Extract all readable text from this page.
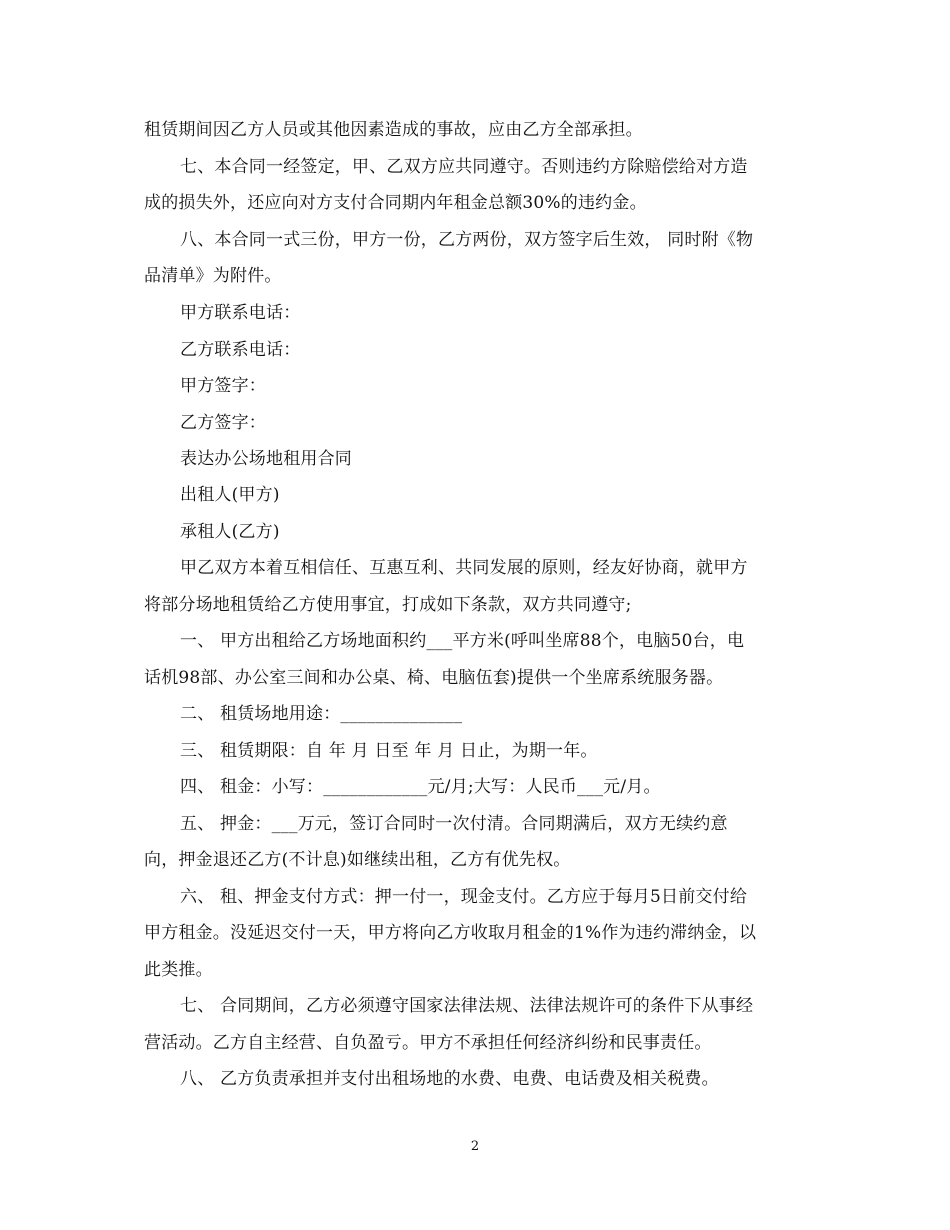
租赁期间因乙方人员或其他因素造成的事故，应由乙方全部承担。
七、本合同一经签定，甲、乙双方应共同遵守。否则违约方除赔偿给对方造
成的损失外，还应向对方支付合同期内年租金总额30%的违约金。
八、本合同一式三份，甲方一份，乙方两份，双方签字后生效， 同时附《物
品清单》为附件。
甲方联系电话：
乙方联系电话：
甲方签字：
乙方签字：
表达办公场地租用合同
出租人(甲方)
承租人(乙方)
甲乙双方本着互相信任、互惠互利、共同发展的原则，经友好协商，就甲方
将部分场地租赁给乙方使用事宜，打成如下条款，双方共同遵守;
一、 甲方出租给乙方场地面积约___平方米(呼叫坐席88个，电脑50台，电
话机98部、办公室三间和办公桌、椅、电脑伍套)提供一个坐席系统服务器。
二、 租赁场地用途：______________
三、 租赁期限：自 年 月 日至 年 月 日止，为期一年。
四、 租金：小写：____________元/月;大写：人民币___元/月。
五、 押金：___万元，签订合同时一次付清。合同期满后，双方无续约意
向，押金退还乙方(不计息)如继续出租，乙方有优先权。
六、 租、押金支付方式：押一付一，现金支付。乙方应于每月5日前交付给
甲方租金。没延迟交付一天，甲方将向乙方收取月租金的1%作为违约滞纳金，以
此类推。
七、 合同期间，乙方必须遵守国家法律法规、法律法规许可的条件下从事经
营活动。乙方自主经营、自负盈亏。甲方不承担任何经济纠纷和民事责任。
八、 乙方负责承担并支付出租场地的水费、电费、电话费及相关税费。
2
